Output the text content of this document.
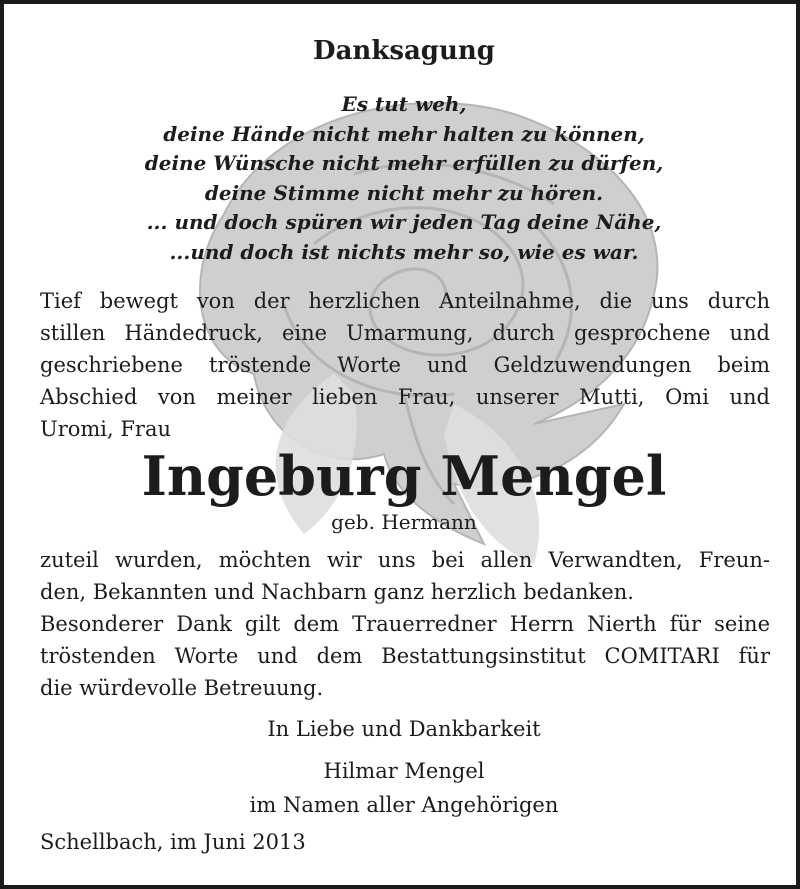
Danksagung
Es tut weh,
deine Hände nicht mehr halten zu können,
deine Wünsche nicht mehr erfüllen zu dürfen,
deine Stimme nicht mehr zu hören.
... und doch spüren wir jeden Tag deine Nähe,
...und doch ist nichts mehr so, wie es war.
Tief bewegt von der herzlichen Anteilnahme, die uns durch
stillen Händedruck, eine Umarmung, durch gesprochene und
geschriebene tröstende Worte und Geldzuwendungen beim
Abschied von meiner lieben Frau, unserer Mutti, Omi und
Uromi, Frau
Ingeburg Mengel
geb. Hermann
zuteil wurden, möchten wir uns bei allen Verwandten, Freun-
den, Bekannten und Nachbarn ganz herzlich bedanken.
Besonderer Dank gilt dem Trauerredner Herrn Nierth für seine
tröstenden Worte und dem Bestattungsinstitut COMITARI für
die würdevolle Betreuung.
In Liebe und Dankbarkeit
Hilmar Mengel
im Namen aller Angehörigen
Schellbach, im Juni 2013
